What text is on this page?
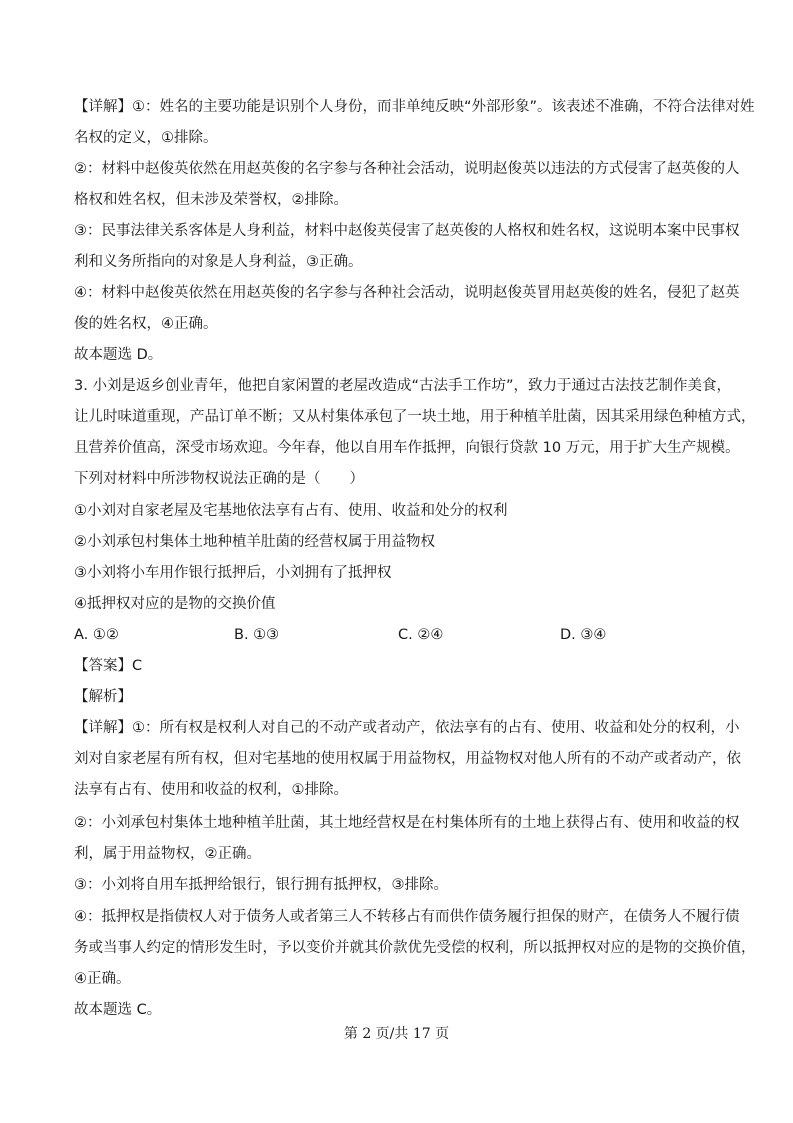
【详解】①：姓名的主要功能是识别个人身份，而非单纯反映“外部形象”。该表述不准确，不符合法律对姓
名权的定义，①排除。
②：材料中赵俊英依然在用赵英俊的名字参与各种社会活动，说明赵俊英以违法的方式侵害了赵英俊的人
格权和姓名权，但未涉及荣誉权，②排除。
③：民事法律关系客体是人身利益，材料中赵俊英侵害了赵英俊的人格权和姓名权，这说明本案中民事权
利和义务所指向的对象是人身利益，③正确。
④：材料中赵俊英依然在用赵英俊的名字参与各种社会活动，说明赵俊英冒用赵英俊的姓名，侵犯了赵英
俊的姓名权，④正确。
故本题选 D。
3. 小刘是返乡创业青年，他把自家闲置的老屋改造成“古法手工作坊”，致力于通过古法技艺制作美食，
让儿时味道重现，产品订单不断；又从村集体承包了一块土地，用于种植羊肚菌，因其采用绿色种植方式，
且营养价值高，深受市场欢迎。今年春，他以自用车作抵押，向银行贷款 10 万元，用于扩大生产规模。
下列对材料中所涉物权说法正确的是（　　）
①小刘对自家老屋及宅基地依法享有占有、使用、收益和处分的权利
②小刘承包村集体土地种植羊肚菌的经营权属于用益物权
③小刘将小车用作银行抵押后，小刘拥有了抵押权
④抵押权对应的是物的交换价值
A. ①②	B. ①③	C. ②④	D. ③④
【答案】C
【解析】
【详解】①：所有权是权利人对自己的不动产或者动产，依法享有的占有、使用、收益和处分的权利，小
刘对自家老屋有所有权，但对宅基地的使用权属于用益物权，用益物权对他人所有的不动产或者动产，依
法享有占有、使用和收益的权利，①排除。
②：小刘承包村集体土地种植羊肚菌，其土地经营权是在村集体所有的土地上获得占有、使用和收益的权
利，属于用益物权，②正确。
③：小刘将自用车抵押给银行，银行拥有抵押权，③排除。
④：抵押权是指债权人对于债务人或者第三人不转移占有而供作债务履行担保的财产，在债务人不履行债
务或当事人约定的情形发生时，予以变价并就其价款优先受偿的权利，所以抵押权对应的是物的交换价值，
④正确。
故本题选 C。
第 2 页/共 17 页
